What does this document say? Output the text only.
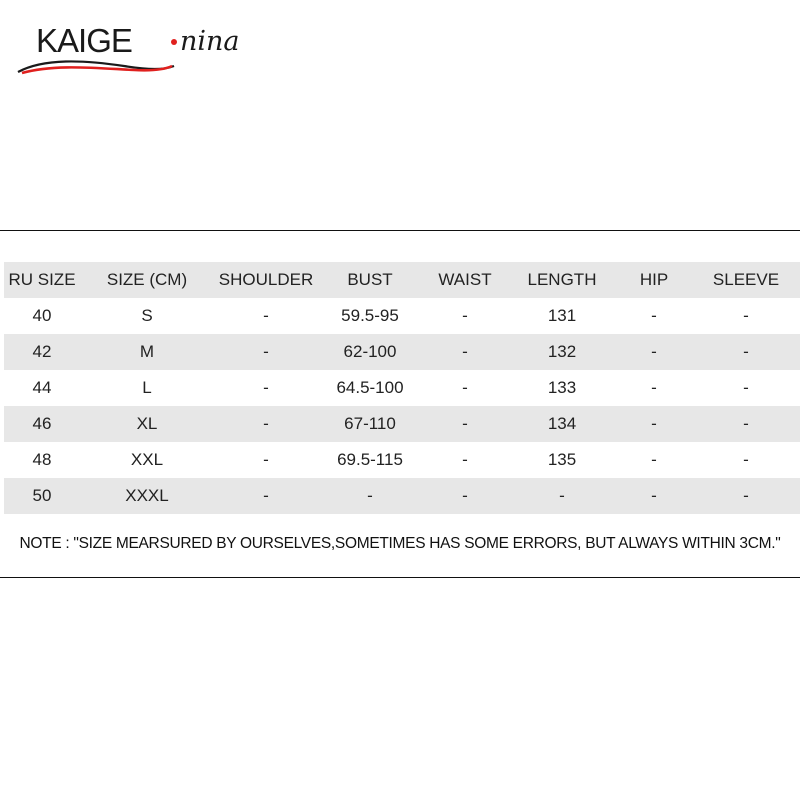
KAIGE nina
RU SIZE	SIZE (CM)	SHOULDER	BUST	WAIST	LENGTH	HIP	SLEEVE
40	S	-	59.5-95	-	131	-	-
42	M	-	62-100	-	132	-	-
44	L	-	64.5-100	-	133	-	-
46	XL	-	67-110	-	134	-	-
48	XXL	-	69.5-115	-	135	-	-
50	XXXL	-	-	-	-	-	-
NOTE : "SIZE MEARSURED BY OURSELVES,SOMETIMES HAS SOME ERRORS, BUT ALWAYS WITHIN 3CM."
